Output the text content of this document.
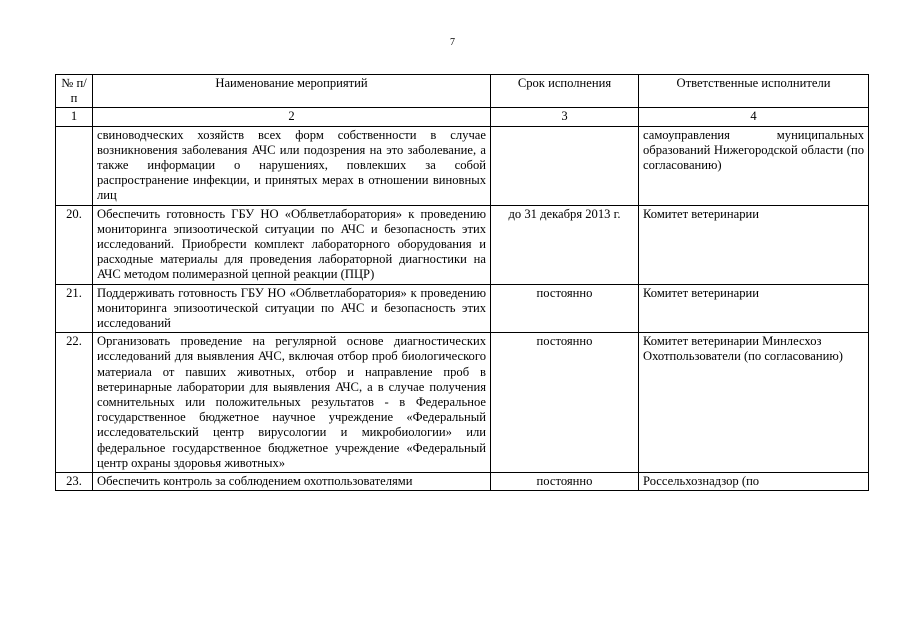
7
№ п/п	Наименование мероприятий	Срок исполнения	Ответственные исполнители
1	2	3	4
	свиноводческих хозяйств всех форм собственности в случае возникновения заболевания АЧС или подозрения на это заболевание, а также информации о нарушениях, повлекших за собой распространение инфекции, и принятых мерах в отношении виновных лиц		самоуправления муниципальных образований Нижегородской области (по согласованию)
20.	Обеспечить готовность ГБУ НО «Облветлаборатория» к проведению мониторинга эпизоотической ситуации по АЧС и безопасность этих исследований. Приобрести комплект лабораторного оборудования и расходные материалы для проведения лабораторной диагностики на АЧС методом полимеразной цепной реакции (ПЦР)	до 31 декабря 2013 г.	Комитет ветеринарии
21.	Поддерживать готовность ГБУ НО «Облветлаборатория» к проведению мониторинга эпизоотической ситуации по АЧС и безопасность этих исследований	постоянно	Комитет ветеринарии
22.	Организовать проведение на регулярной основе диагностических исследований для выявления АЧС, включая отбор проб биологического материала от павших животных, отбор и направление проб в ветеринарные лаборатории для выявления АЧС, а в случае получения сомнительных или положительных результатов - в Федеральное государственное бюджетное научное учреждение «Федеральный исследовательский центр вирусологии и микробиологии» или федеральное государственное бюджетное учреждение «Федеральный центр охраны здоровья животных»	постоянно	Комитет ветеринарии Минлесхоз Охотпользователи (по согласованию)
23.	Обеспечить контроль за соблюдением охотпользователями	постоянно	Россельхознадзор (по
